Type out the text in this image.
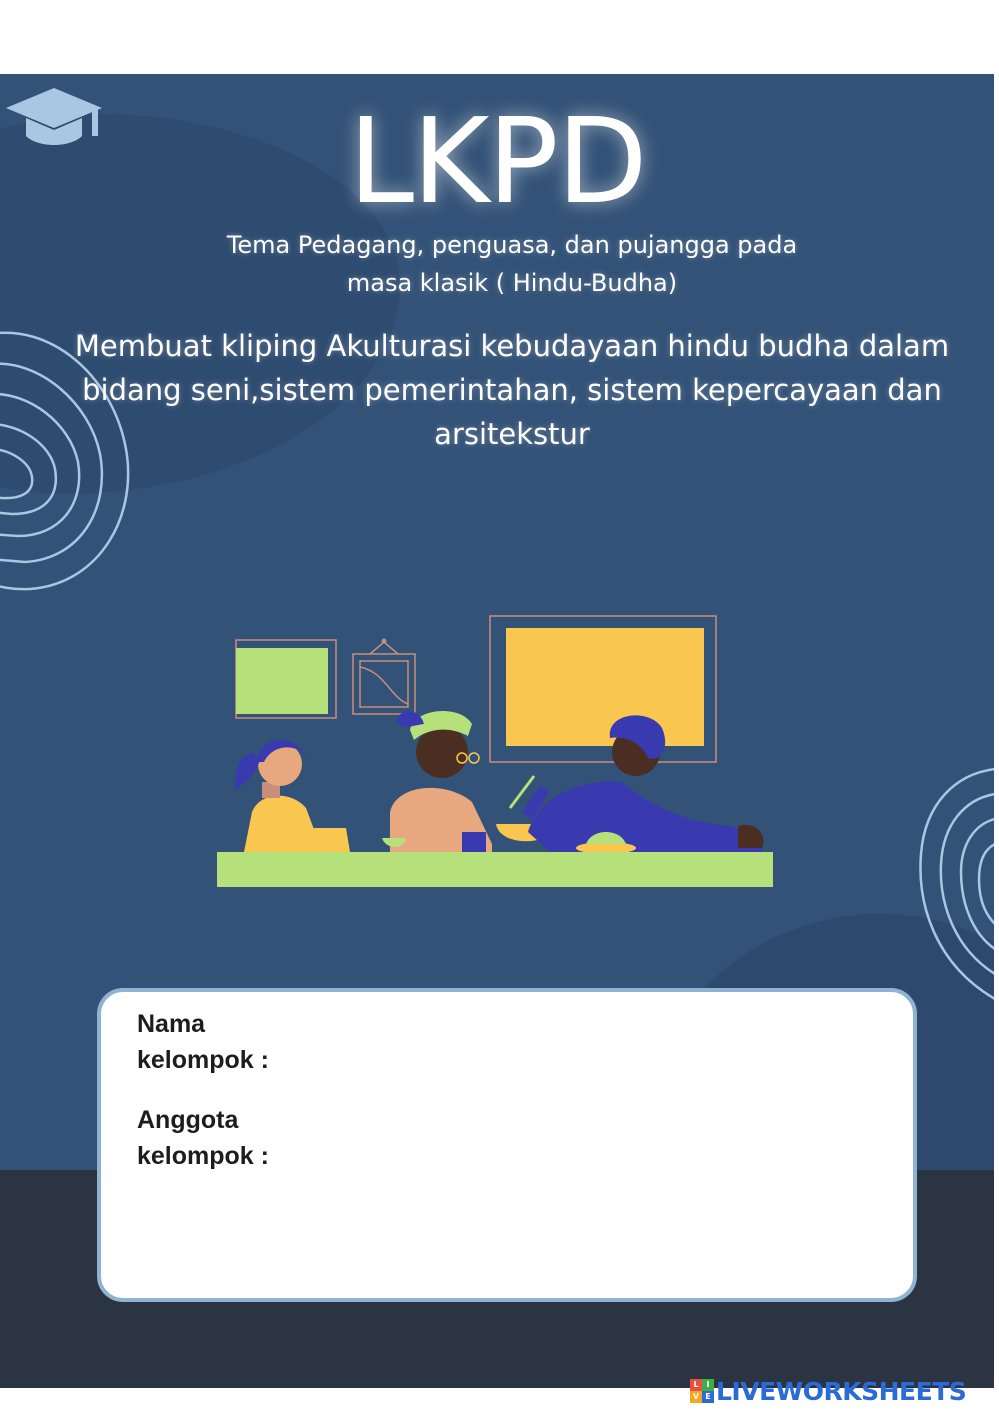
LKPD
Tema Pedagang, penguasa, dan pujangga pada
masa klasik ( Hindu-Budha)
Membuat kliping Akulturasi kebudayaan hindu budha dalam
bidang seni,sistem pemerintahan, sistem kepercayaan dan
arsitekstur
Nama
kelompok :
Anggota
kelompok :
L I
V E LIVEWORKSHEETS
